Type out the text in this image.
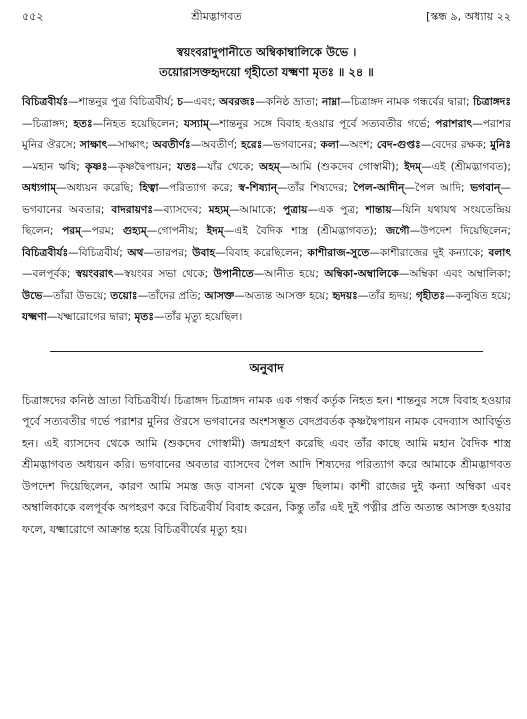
৫৫২	শ্রীমদ্ভাগবত	[স্কন্ধ ৯, অধ্যায় ২২
স্বয়ংবরাদুপানীতে অম্বিকাম্বালিকে উভে ।
তয়োরাসক্তহৃদয়ো গৃহীতো যক্ষ্মণা মৃতঃ ॥ ২৪ ॥
বিচিত্রবীর্যঃ—শান্তনুর পুত্র বিচিত্রবীর্য; চ—এবং; অবরজঃ—কনিষ্ঠ ভ্রাতা; নাম্না—চিত্রাঙ্গদ নামক গন্ধর্বের দ্বারা; চিত্রাঙ্গদঃ—চিত্রাঙ্গদ; হতঃ—নিহত হয়েছিলেন; যস্যাম্—শান্তনুর সঙ্গে বিবাহ হওয়ার পূর্বে সত্যবতীর গর্ভে; পরাশরাৎ—পরাশর মুনির ঔরসে; সাক্ষাৎ—সাক্ষাৎ; অবতীর্ণঃ—অবতীর্ণ; হরেঃ—ভগবানের; কলা—অংশ; বেদ-গুপ্তঃ—বেদের রক্ষক; মুনিঃ—মহান ঋষি; কৃষ্ণঃ—কৃষ্ণদ্বৈপায়ন; যতঃ—যাঁর থেকে; অহম্—আমি (শুকদেব গোস্বামী); ইদম্—এই (শ্রীমদ্ভাগবত); অধ্যগাম্—অধ্যয়ন করেছি; হিত্বা—পরিত্যাগ করে; স্ব-শিষ্যান্—তাঁর শিষ্যদের; পৈল-আদীন্—পৈল আদি; ভগবান্—ভগবানের অবতার; বাদরায়ণঃ—ব্যাসদেব; মহ্যম্—আমাকে; পুত্রায়—এক পুত্র; শান্তায়—যিনি যথাযথ সংযতেন্দ্রিয় ছিলেন; পরম্—পরম; গুহ্যম্—গোপনীয়; ইদম্—এই বৈদিক শাস্ত্র (শ্রীমদ্ভাগবত); জগৌ—উপদেশ দিয়েছিলেন; বিচিত্রবীর্যঃ—বিচিত্রবীর্য; অথ—তারপর; উবাহ—বিবাহ করেছিলেন; কাশীরাজ-সুতে—কাশীরাজের দুই কন্যাকে; বলাৎ—বলপূর্বক; স্বয়ংবরাৎ—স্বয়ংবর সভা থেকে; উপানীতে—আনীত হয়ে; অম্বিকা-অম্বালিকে—অম্বিকা এবং অম্বালিকা; উভে—তাঁরা উভয়ে; তয়োঃ—তাঁদের প্রতি; আসক্ত—অত্যন্ত আসক্ত হয়ে; হৃদয়ঃ—তাঁর হৃদয়; গৃহীতঃ—কলুষিত হয়ে; যক্ষ্মণা—যক্ষ্মারোগের দ্বারা; মৃতঃ—তাঁর মৃত্যু হয়েছিল।
অনুবাদ
চিত্রাঙ্গদের কনিষ্ঠ ভ্রাতা বিচিত্রবীর্য। চিত্রাঙ্গদ চিত্রাঙ্গদ নামক এক গন্ধর্ব কর্তৃক নিহত হন। শান্তনুর সঙ্গে বিবাহ হওয়ার পূর্বে সত্যবতীর গর্ভে পরাশর মুনির ঔরসে ভগবানের অংশসম্ভূত বেদপ্রবর্তক কৃষ্ণদ্বৈপায়ন নামক বেদব্যাস আবির্ভূত হন। এই ব্যাসদেব থেকে আমি (শুকদেব গোস্বামী) জন্মগ্রহণ করেছি এবং তাঁর কাছে আমি মহান বৈদিক শাস্ত্র শ্রীমদ্ভাগবত অধ্যয়ন করি। ভগবানের অবতার ব্যাসদেব পৈল আদি শিষ্যদের পরিত্যাগ করে আমাকে শ্রীমদ্ভাগবত উপদেশ দিয়েছিলেন, কারণ আমি সমস্ত জড় বাসনা থেকে মুক্ত ছিলাম। কাশী রাজের দুই কন্যা অম্বিকা এবং অম্বালিকাকে বলপূর্বক অপহরণ করে বিচিত্রবীর্য বিবাহ করেন, কিন্তু তাঁর এই দুই পত্নীর প্রতি অত্যন্ত আসক্ত হওয়ার ফলে, যক্ষ্মারোগে আক্রান্ত হয়ে বিচিত্রবীর্যের মৃত্যু হয়।
